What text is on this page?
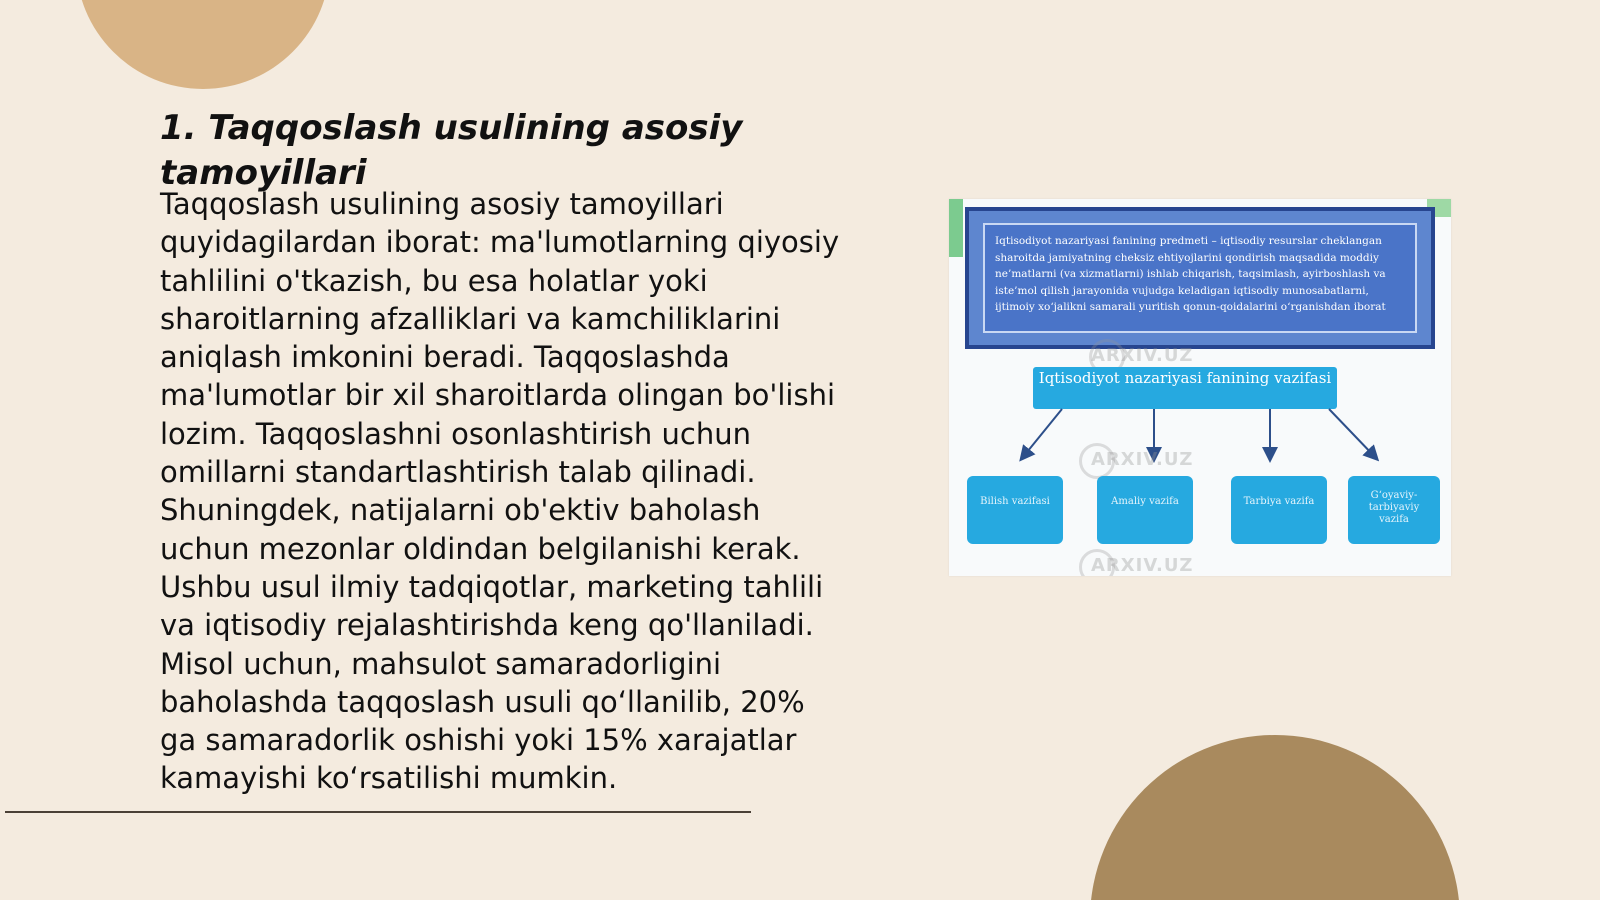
1. Taqqoslash usulining asosiy tamoyillari

Taqqoslash usulining asosiy tamoyillari quyidagilardan iborat: ma'lumotlarning qiyosiy tahlilini o'tkazish, bu esa holatlar yoki sharoitlarning afzalliklari va kamchiliklarini aniqlash imkonini beradi. Taqqoslashda ma'lumotlar bir xil sharoitlarda olingan bo'lishi lozim. Taqqoslashni osonlashtirish uchun omillarni standartlashtirish talab qilinadi. Shuningdek, natijalarni ob'ektiv baholash uchun mezonlar oldindan belgilanishi kerak. Ushbu usul ilmiy tadqiqotlar, marketing tahlili va iqtisodiy rejalashtirishda keng qo'llaniladi. Misol uchun, mahsulot samaradorligini baholashda taqqoslash usuli qo‘llanilib, 20% ga samaradorlik oshishi yoki 15% xarajatlar kamayishi ko‘rsatilishi mumkin.

Iqtisodiyot nazariyasi fanining predmeti – iqtisodiy resurslar cheklangan sharoitda jamiyatning cheksiz ehtiyojlarini qondirish maqsadida moddiy ne’matlarni (va xizmatlarni) ishlab chiqarish, taqsimlash, ayirboshlash va iste’mol qilish jarayonida vujudga keladigan iqtisodiy munosabatlarni, ijtimoiy xo‘jalikni samarali yuritish qonun-qoidalarini o‘rganishdan iborat
ARXIV.UZ
Iqtisodiyot nazariyasi fanining vazifasi
ARXIV.UZ
Bilish vazifasi	Amaliy vazifa	Tarbiya vazifa
G‘oyaviy-tarbiyaviy vazifa
ARXIV.UZ
